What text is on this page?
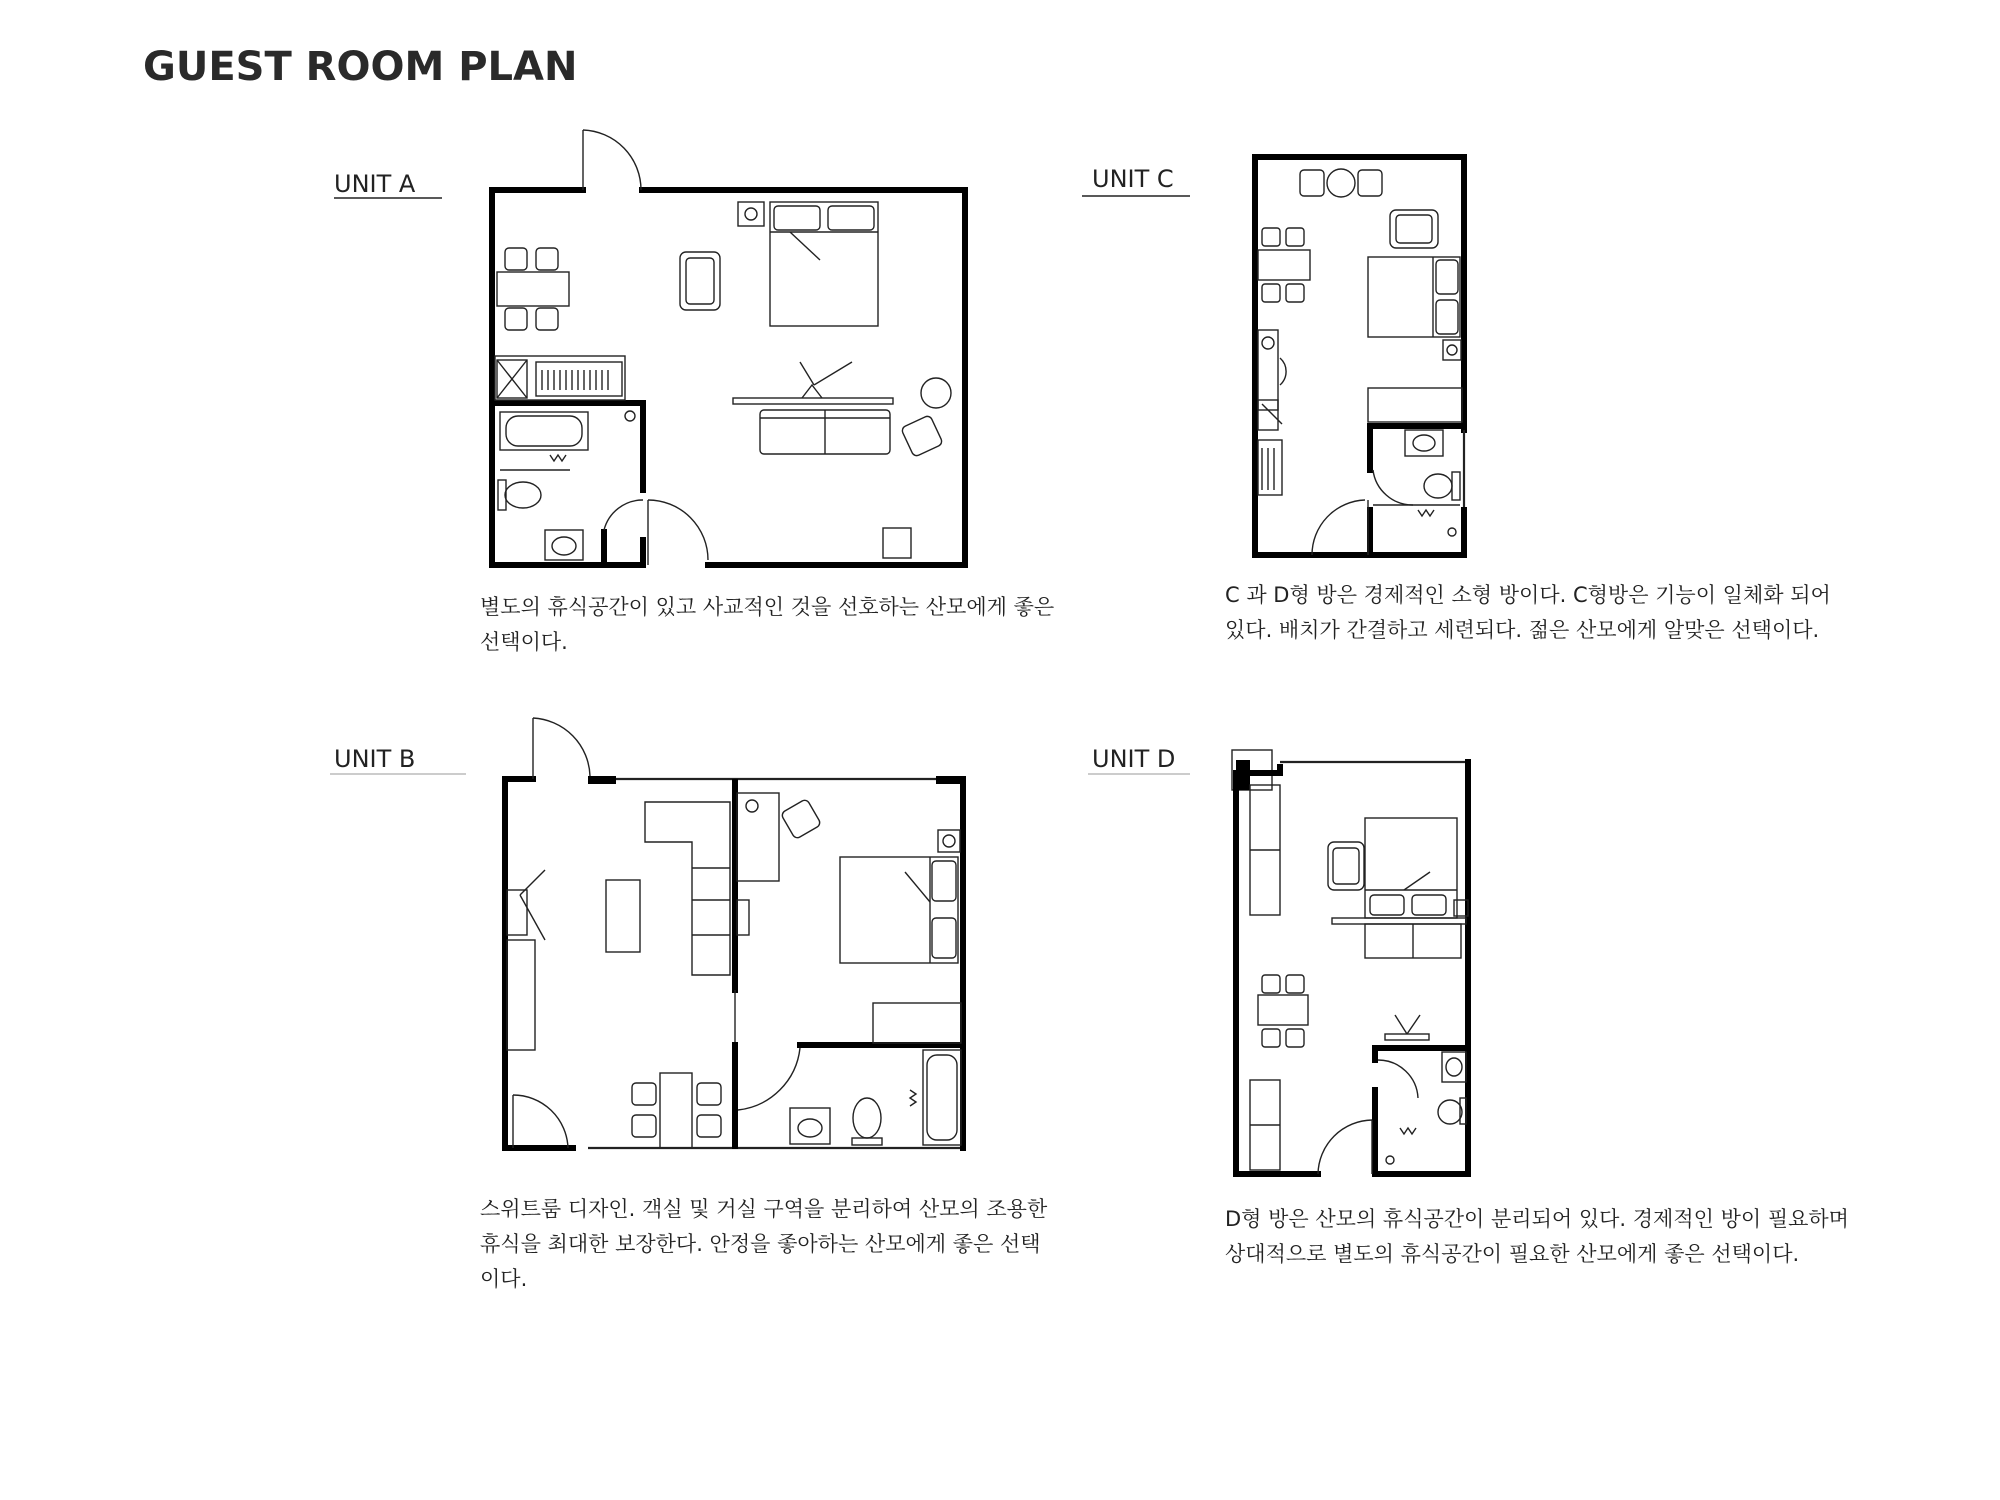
GUEST ROOM PLAN
UNIT A
UNIT B
UNIT C
UNIT D
별도의 휴식공간이 있고 사교적인 것을 선호하는 산모에게 좋은
선택이다.
스위트룸 디자인. 객실 및 거실 구역을 분리하여 산모의 조용한
휴식을 최대한 보장한다. 안정을 좋아하는 산모에게 좋은 선택
이다.
C 과 D형 방은 경제적인 소형 방이다. C형방은 기능이 일체화 되어
있다. 배치가 간결하고 세련되다. 젊은 산모에게 알맞은 선택이다.
D형 방은 산모의 휴식공간이 분리되어 있다. 경제적인 방이 필요하며
상대적으로 별도의 휴식공간이 필요한 산모에게 좋은 선택이다.
